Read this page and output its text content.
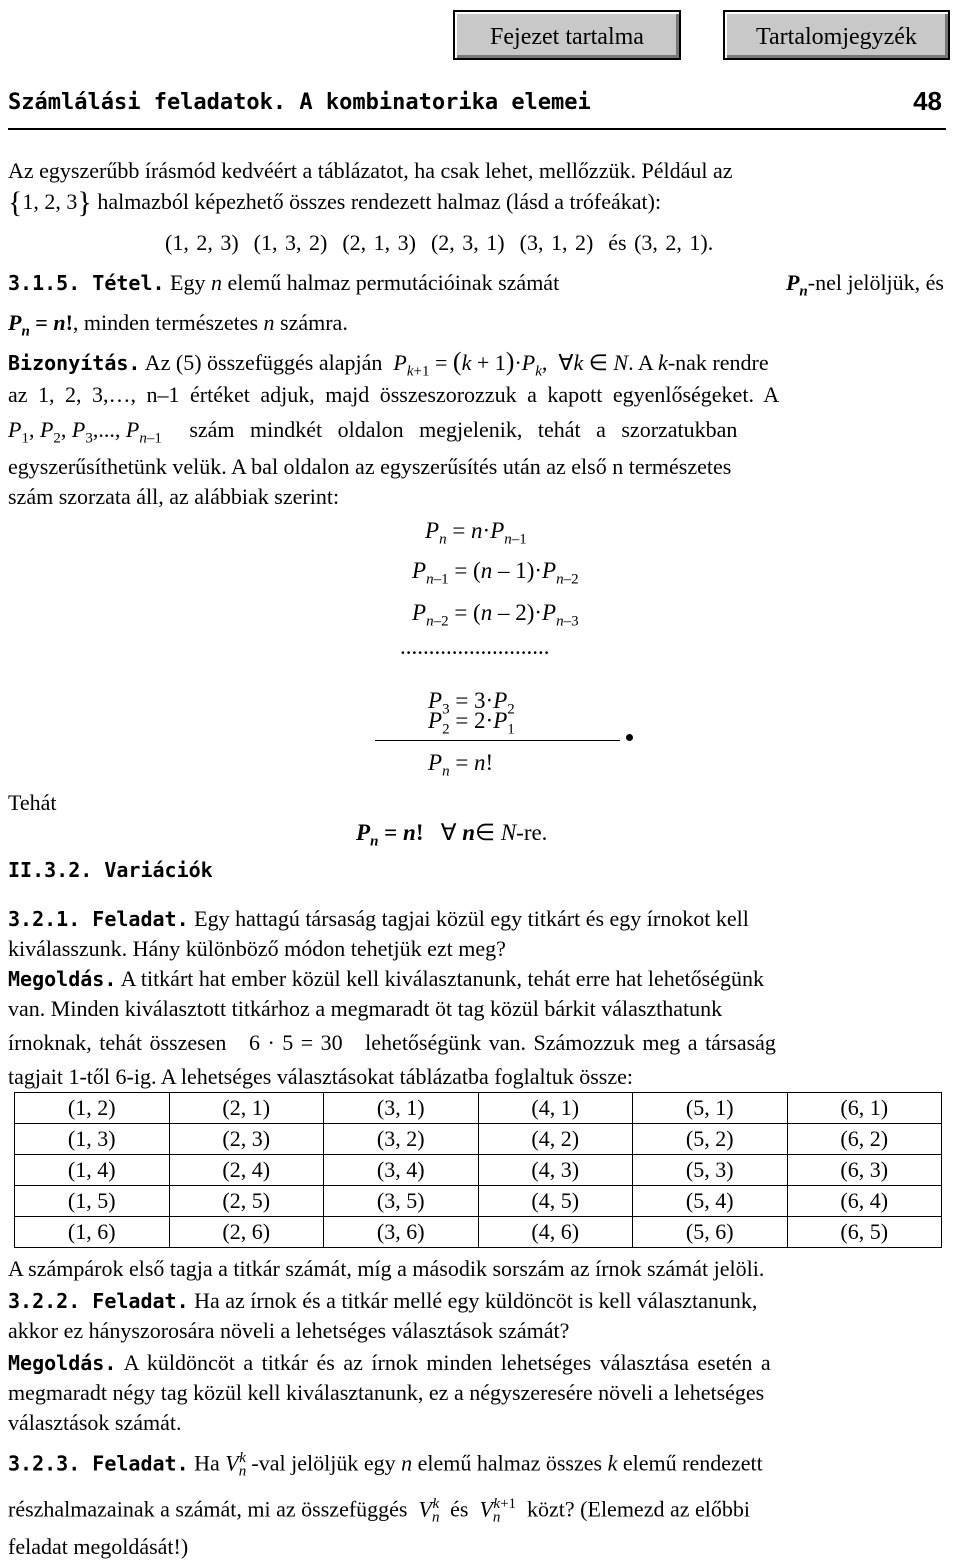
Fejezet tartalma	Tartalomjegyzék
Számlálási feladatok. A kombinatorika elemei	48
Az egyszerűbb írásmód kedvéért a táblázatot, ha csak lehet, mellőzzük. Például az
{1, 2, 3} halmazból képezhető összes rendezett halmaz (lásd a trófeákat):
(1, 2, 3) (1, 3, 2) (2, 1, 3) (2, 3, 1) (3, 1, 2) és (3, 2, 1).
3.1.5. Tétel. Egy n elemű halmaz permutációinak számát	$P_n$-nel jelöljük, és
$P_n = n$!, minden természetes n számra.
Bizonyítás. Az (5) összefüggés alapján $P_{k+1} = (k + 1)\cdot P_k$,  ∀k ∈ N. A k-nak rendre
az 1, 2, 3,…, n–1 értéket adjuk, majd összeszorozzuk a kapott egyenlőségeket. A
$P_1$, $P_2$, $P_3$,..., $P_{n-1}$ szám mindkét oldalon megjelenik, tehát a szorzatukban
egyszerűsíthetünk velük. A bal oldalon az egyszerűsítés után az első n természetes
szám szorzata áll, az alábbiak szerint:
$P_n = n\cdot P_{n-1}$
$P_{n-1} = (n - 1)\cdot P_{n-2}$
$P_{n-2} = (n - 2)\cdot P_{n-3}$
..........................
$P_3 = 3\cdot P_2$
$P_2 = 2\cdot P_1$
$P_n = n$!
Tehát
$P_n = n$!   ∀ n∈ N-re.
II.3.2. Variációk
3.2.1. Feladat. Egy hattagú társaság tagjai közül egy titkárt és egy írnokot kell
kiválasszunk. Hány különböző módon tehetjük ezt meg?
Megoldás. A titkárt hat ember közül kell kiválasztanunk, tehát erre hat lehetőségünk
van. Minden kiválasztott titkárhoz a megmaradt öt tag közül bárkit választhatunk
írnoknak, tehát összesen 6 · 5 = 30 lehetőségünk van. Számozzuk meg a társaság
tagjait 1-től 6-ig. A lehetséges választásokat táblázatba foglaltuk össze:
(1, 2)	(2, 1)	(3, 1)	(4, 1)	(5, 1)	(6, 1)
(1, 3)	(2, 3)	(3, 2)	(4, 2)	(5, 2)	(6, 2)
(1, 4)	(2, 4)	(3, 4)	(4, 3)	(5, 3)	(6, 3)
(1, 5)	(2, 5)	(3, 5)	(4, 5)	(5, 4)	(6, 4)
(1, 6)	(2, 6)	(3, 6)	(4, 6)	(5, 6)	(6, 5)
A számpárok első tagja a titkár számát, míg a második sorszám az írnok számát jelöli.
3.2.2. Feladat. Ha az írnok és a titkár mellé egy küldöncöt is kell választanunk,
akkor ez hányszorosára növeli a lehetséges választások számát?
Megoldás. A küldöncöt a titkár és az írnok minden lehetséges választása esetén a
megmaradt négy tag közül kell kiválasztanunk, ez a négyszeresére növeli a lehetséges
választások számát.
3.2.3. Feladat. Ha $V_n^k$ -val jelöljük egy n elemű halmaz összes k elemű rendezett
részhalmazainak a számát, mi az összefüggés $V_n^k$ és $V_n^{k+1}$ közt? (Elemezd az előbbi
feladat megoldását!)
